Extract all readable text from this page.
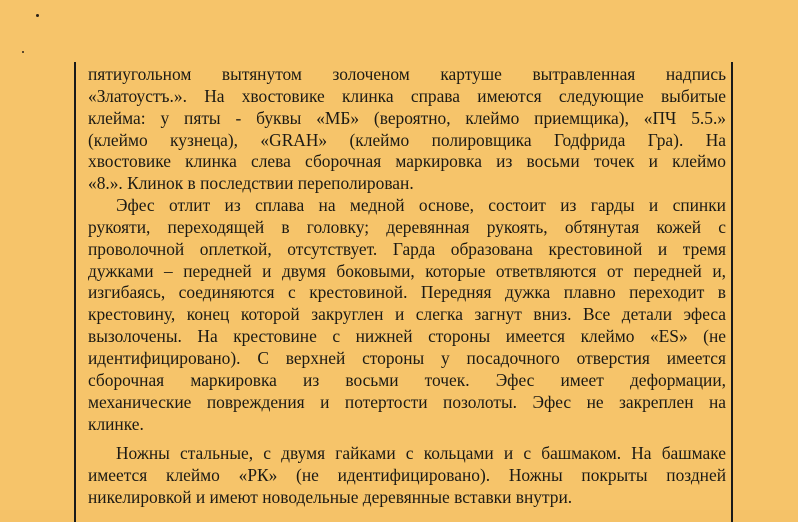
пятиугольном вытянутом золоченом картуше вытравленная надпись
«Златоустъ.». На хвостовике клинка справа имеются следующие выбитые
клейма: у пяты - буквы «МБ» (вероятно, клеймо приемщика), «ПЧ 5.5.»
(клеймо кузнеца), «GRAH» (клеймо полировщика Годфрида Гра). На
хвостовике клинка слева сборочная маркировка из восьми точек и клеймо
«8.». Клинок в последствии переполирован.
Эфес отлит из сплава на медной основе, состоит из гарды и спинки
рукояти, переходящей в головку; деревянная рукоять, обтянутая кожей с
проволочной оплеткой, отсутствует. Гарда образована крестовиной и тремя
дужками – передней и двумя боковыми, которые ответвляются от передней и,
изгибаясь, соединяются с крестовиной. Передняя дужка плавно переходит в
крестовину, конец которой закруглен и слегка загнут вниз. Все детали эфеса
вызолочены. На крестовине с нижней стороны имеется клеймо «ES» (не
идентифицировано). С верхней стороны у посадочного отверстия имеется
сборочная маркировка из восьми точек. Эфес имеет деформации,
механические повреждения и потертости позолоты. Эфес не закреплен на
клинке.
Ножны стальные, с двумя гайками с кольцами и с башмаком. На башмаке
имеется клеймо «РК» (не идентифицировано). Ножны покрыты поздней
никелировкой и имеют новодельные деревянные вставки внутри.
